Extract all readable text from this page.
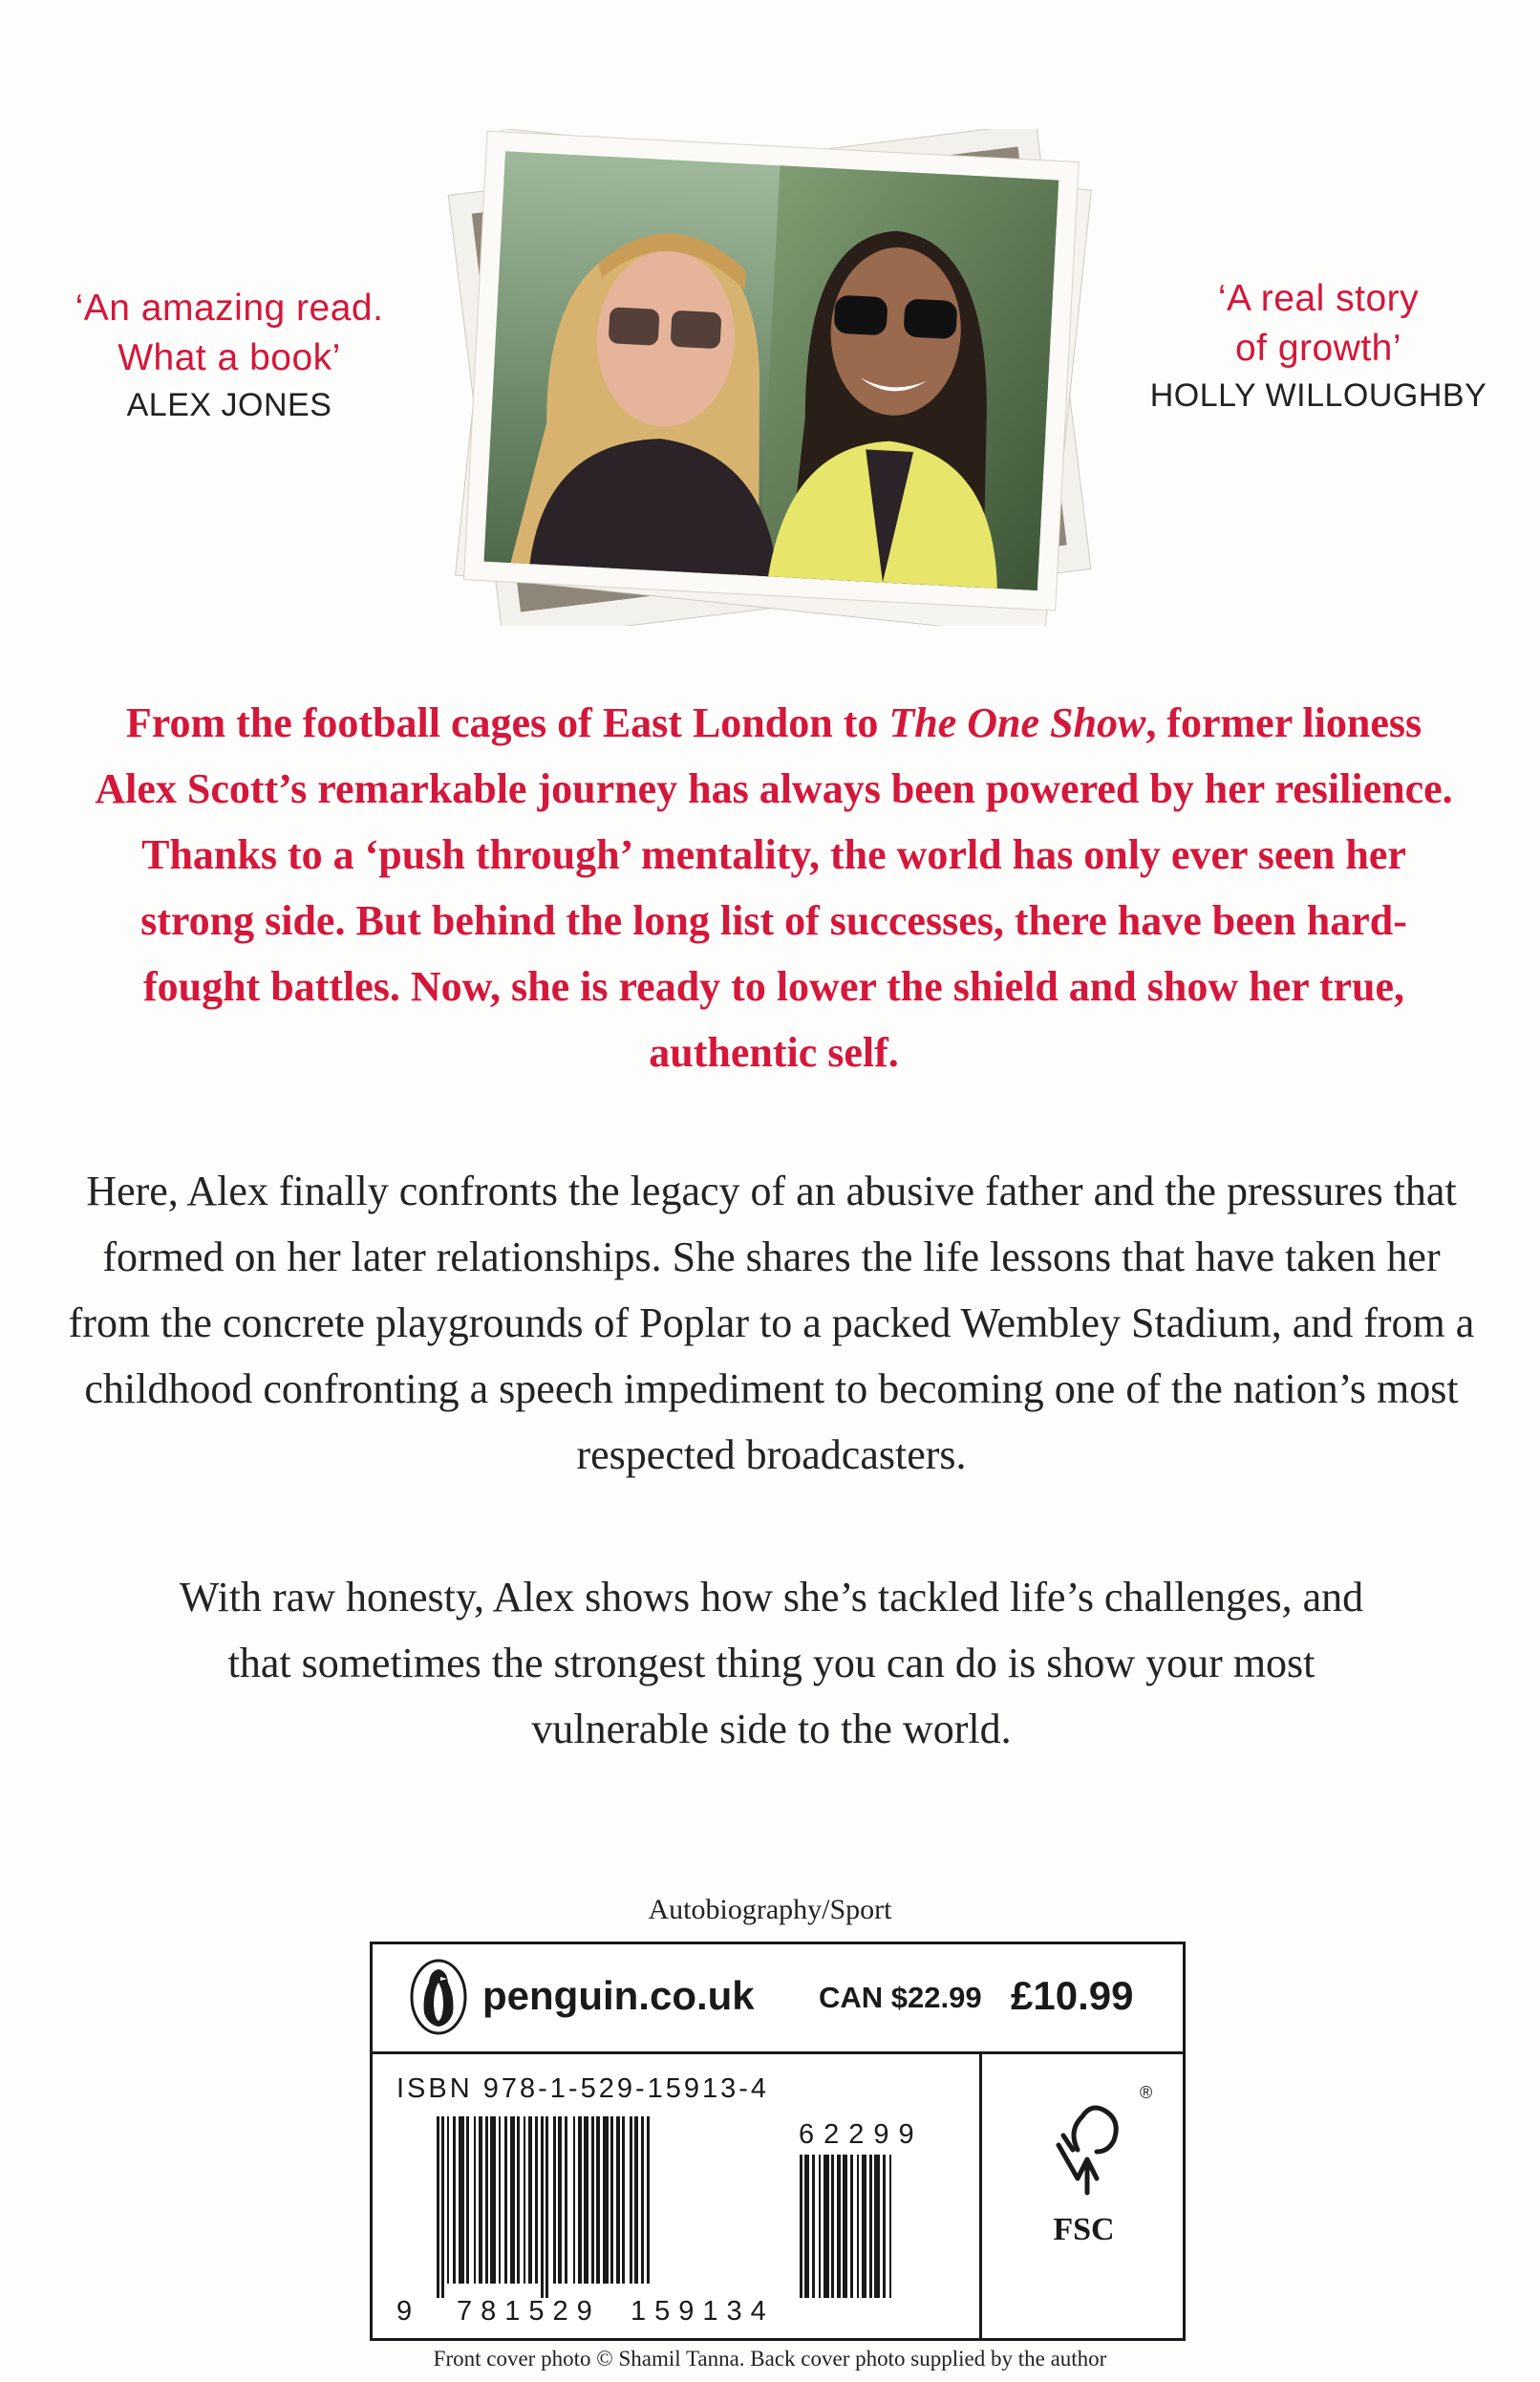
‘An amazing read.
What a book’
ALEX JONES
‘A real story
of growth’
HOLLY WILLOUGHBY
From the football cages of East London to The One Show, former lioness Alex Scott’s remarkable journey has always been powered by her resilience. Thanks to a ‘push through’ mentality, the world has only ever seen her strong side. But behind the long list of successes, there have been hard-fought battles. Now, she is ready to lower the shield and show her true, authentic self.
Here, Alex finally confronts the legacy of an abusive father and the pressures that formed on her later relationships. She shares the life lessons that have taken her from the concrete playgrounds of Poplar to a packed Wembley Stadium, and from a childhood confronting a speech impediment to becoming one of the nation’s most respected broadcasters.
With raw honesty, Alex shows how she’s tackled life’s challenges, and that sometimes the strongest thing you can do is show your most vulnerable side to the world.
Autobiography/Sport
penguin.co.uk CAN $22.99 £10.99
ISBN 978-1-529-15913-4
9 781529 159134
62299
®
FSC
Front cover photo © Shamil Tanna. Back cover photo supplied by the author
